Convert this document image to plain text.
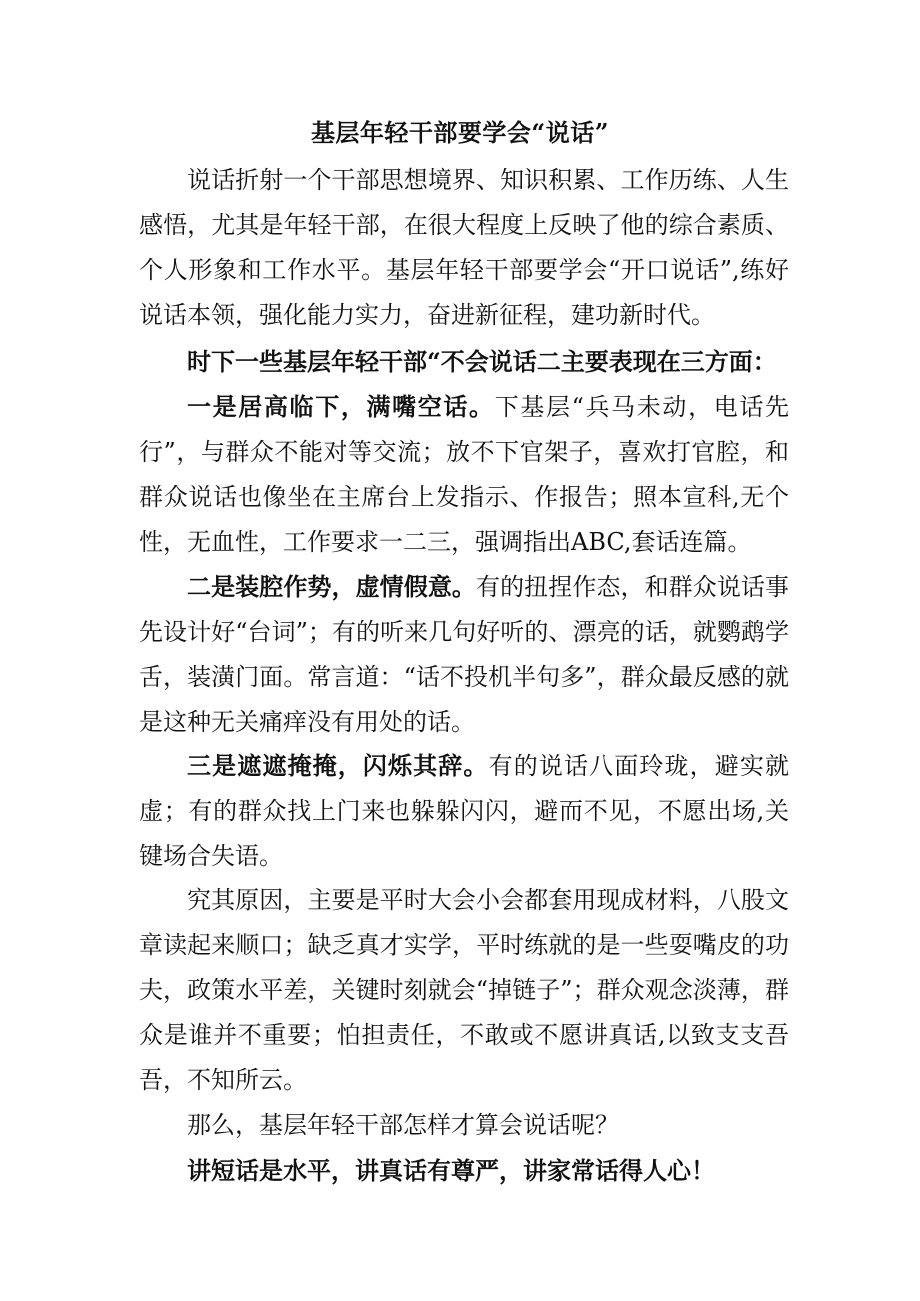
基层年轻干部要学会“说话”

说话折射一个干部思想境界、知识积累、工作历练、人生感悟，尤其是年轻干部，在很大程度上反映了他的综合素质、个人形象和工作水平。基层年轻干部要学会“开口说话”,练好说话本领，强化能力实力，奋进新征程，建功新时代。

时下一些基层年轻干部“不会说话二主要表现在三方面：

一是居高临下，满嘴空话。下基层“兵马未动，电话先行”，与群众不能对等交流；放不下官架子，喜欢打官腔，和群众说话也像坐在主席台上发指示、作报告；照本宣科,无个性，无血性，工作要求一二三，强调指出ABC,套话连篇。

二是装腔作势，虚情假意。有的扭捏作态，和群众说话事先设计好“台词”；有的听来几句好听的、漂亮的话，就鹦鹉学舌，装潢门面。常言道：“话不投机半句多”，群众最反感的就是这种无关痛痒没有用处的话。

三是遮遮掩掩，闪烁其辞。有的说话八面玲珑，避实就虚；有的群众找上门来也躲躲闪闪，避而不见，不愿出场,关键场合失语。

究其原因，主要是平时大会小会都套用现成材料，八股文章读起来顺口；缺乏真才实学，平时练就的是一些耍嘴皮的功夫，政策水平差，关键时刻就会“掉链子”；群众观念淡薄，群众是谁并不重要；怕担责任，不敢或不愿讲真话,以致支支吾吾，不知所云。

那么，基层年轻干部怎样才算会说话呢？

讲短话是水平，讲真话有尊严，讲家常话得人心！
